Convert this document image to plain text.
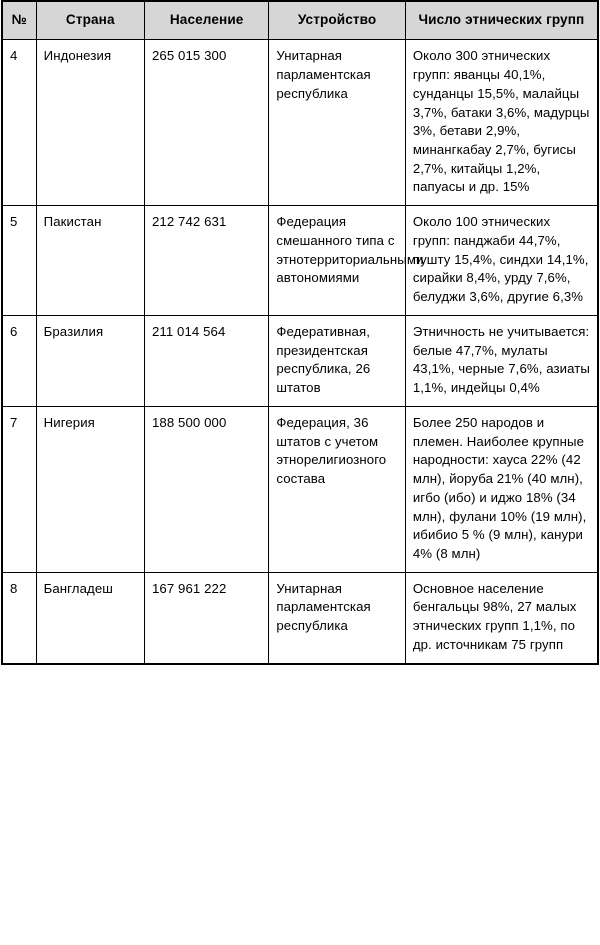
№	Страна	Население	Устройство	Число этнических групп
4	Индонезия	265 015 300	Унитарная парламентская республика	Около 300 этнических групп: яванцы 40,1%, сунданцы 15,5%, малайцы 3,7%, батаки 3,6%, мадурцы 3%, бетави 2,9%, минангкабау 2,7%, бугисы 2,7%, китайцы 1,2%, папуасы и др. 15%
5	Пакистан	212 742 631	Федерация смешанного типа с этнотерриториальными автономиями	Около 100 этнических групп: панджаби 44,7%, пушту 15,4%, синдхи 14,1%, сирайки 8,4%, урду 7,6%, белуджи 3,6%, другие 6,3%
6	Бразилия	211 014 564	Федеративная, президентская республика, 26 штатов	Этничность не учитывается: белые 47,7%, мулаты 43,1%, черные 7,6%, азиаты 1,1%, индейцы 0,4%
7	Нигерия	188 500 000	Федерация, 36 штатов с учетом этнорелигиозного состава	Более 250 народов и племен. Наиболее крупные народности: хауса 22% (42 млн), йоруба 21% (40 млн), игбо (ибо) и иджо 18% (34 млн), фулани 10% (19 млн), ибибио 5 % (9 млн), канури 4% (8 млн)
8	Бангладеш	167 961 222	Унитарная парламентская республика	Основное население бенгальцы 98%, 27 малых этнических групп 1,1%, по др. источникам 75 групп
